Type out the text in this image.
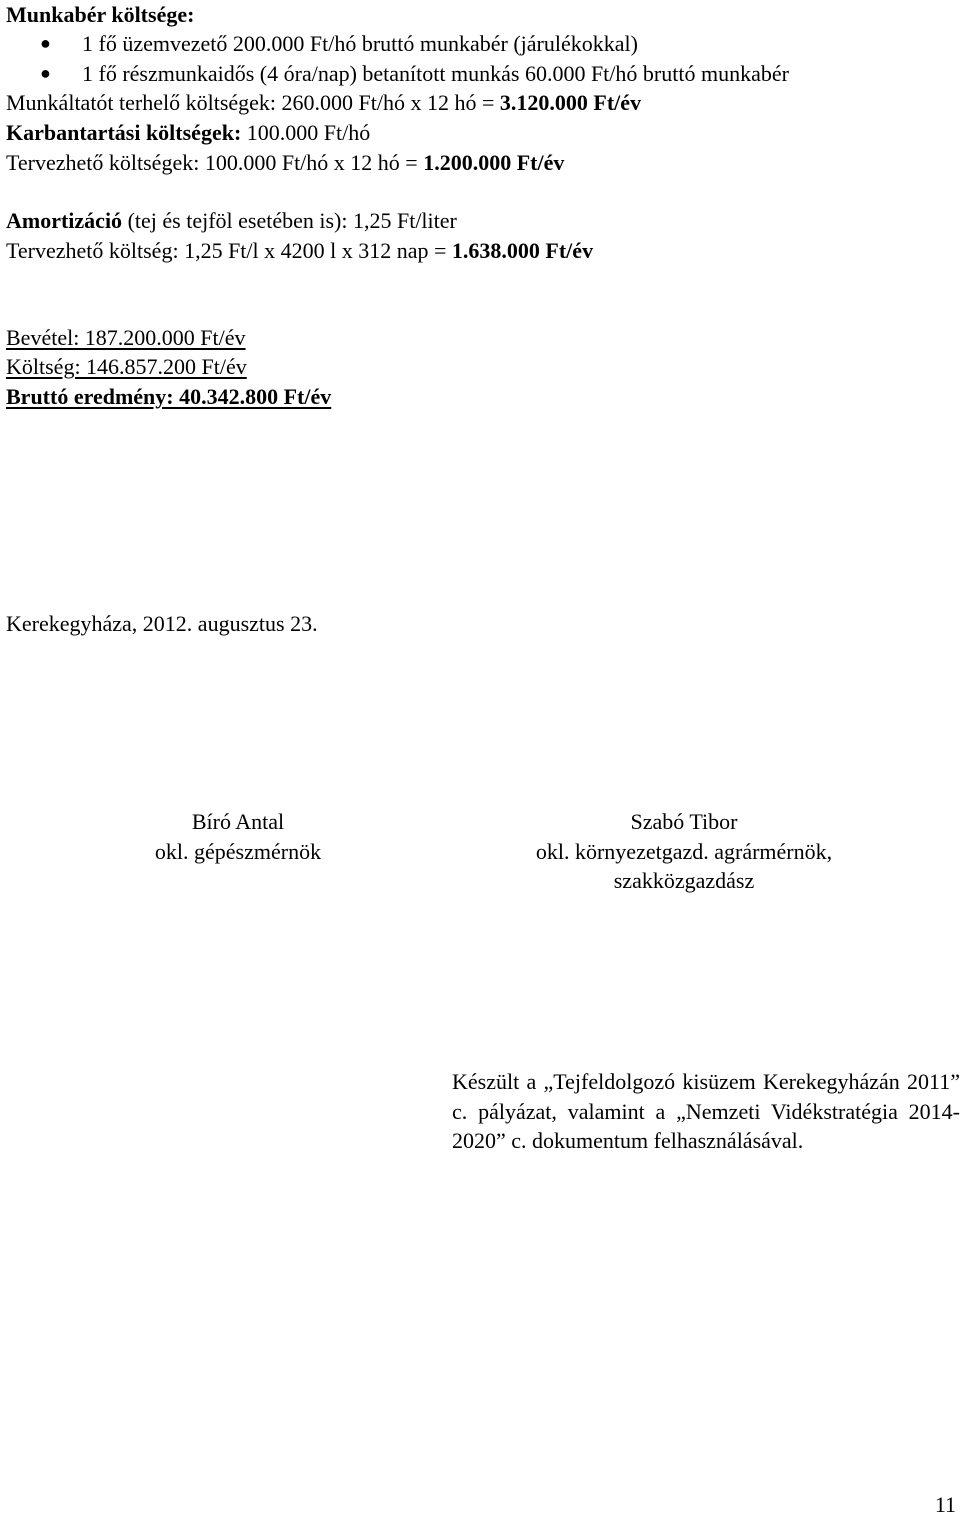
Munkabér költsége:
● 1 fő üzemvezető 200.000 Ft/hó bruttó munkabér (járulékokkal)
● 1 fő részmunkaidős (4 óra/nap) betanított munkás 60.000 Ft/hó bruttó munkabér
Munkáltatót terhelő költségek: 260.000 Ft/hó x 12 hó = 3.120.000 Ft/év
Karbantartási költségek: 100.000 Ft/hó
Tervezhető költségek: 100.000 Ft/hó x 12 hó = 1.200.000 Ft/év
Amortizáció (tej és tejföl esetében is): 1,25 Ft/liter
Tervezhető költség: 1,25 Ft/l x 4200 l x 312 nap = 1.638.000 Ft/év
Bevétel: 187.200.000 Ft/év
Költség: 146.857.200 Ft/év
Bruttó eredmény: 40.342.800 Ft/év
Kerekegyháza, 2012. augusztus 23.
Bíró Antal
okl. gépészmérnök
Szabó Tibor
okl. környezetgazd. agrármérnök,
szakközgazdász
Készült a „Tejfeldolgozó kisüzem Kerekegyházán 2011” c. pályázat, valamint a „Nemzeti Vidékstratégia 2014-2020” c. dokumentum felhasználásával.
11
